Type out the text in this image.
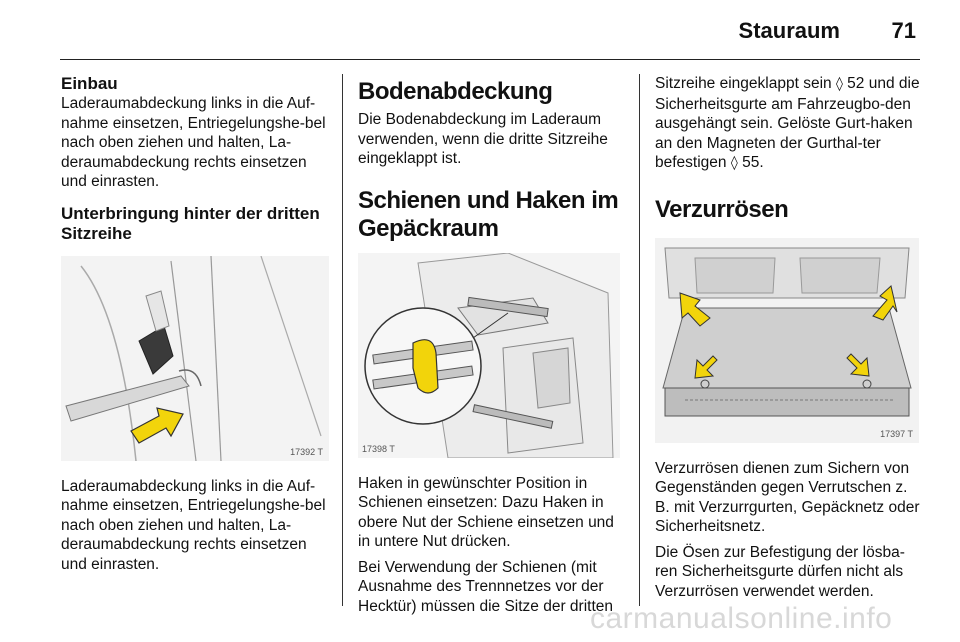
Stauraum 71
Einbau

Laderaumabdeckung links in die Auf-nahme einsetzen, Entriegelungshe-bel nach oben ziehen und halten, La-deraumabdeckung rechts einsetzen und einrasten.

Unterbringung hinter der dritten Sitzreihe
17392 T

Laderaumabdeckung links in die Auf-nahme einsetzen, Entriegelungshe-bel nach oben ziehen und halten, La-deraumabdeckung rechts einsetzen und einrasten.

Bodenabdeckung

Die Bodenabdeckung im Laderaum verwenden, wenn die dritte Sitzreihe eingeklappt ist.

Schienen und Haken im Gepäckraum
17398 T

Haken in gewünschter Position in Schienen einsetzen: Dazu Haken in obere Nut der Schiene einsetzen und in untere Nut drücken.

Bei Verwendung der Schienen (mit Ausnahme des Trennnetzes vor der Hecktür) müssen die Sitze der dritten

Sitzreihe eingeklappt sein ◊ 52 und die Sicherheitsgurte am Fahrzeugbo-den ausgehängt sein. Gelöste Gurt-haken an den Magneten der Gurthal-ter befestigen ◊ 55.

Verzurrösen
17397 T

Verzurrösen dienen zum Sichern von Gegenständen gegen Verrutschen z. B. mit Verzurrgurten, Gepäcknetz oder Sicherheitsnetz.

Die Ösen zur Befestigung der lösba-ren Sicherheitsgurte dürfen nicht als Verzurrösen verwendet werden.

carmanualsonline.info
